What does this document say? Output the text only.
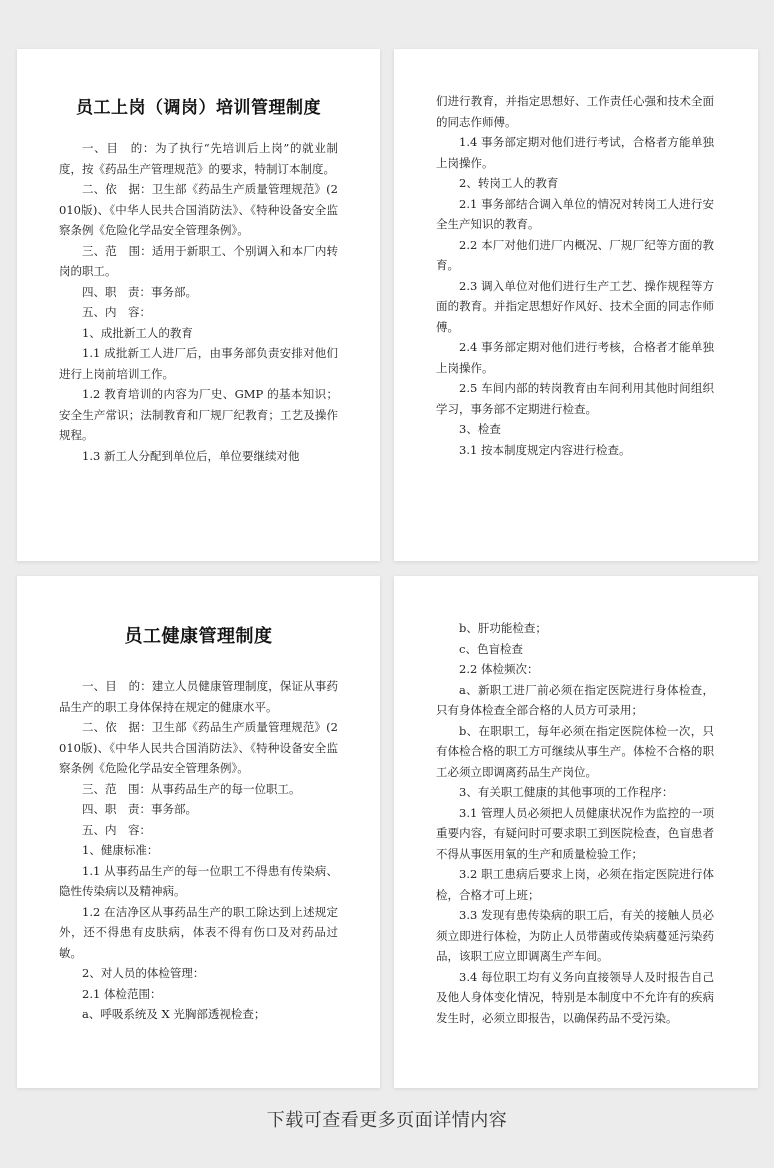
员工上岗（调岗）培训管理制度

一、目　的：为了执行“先培训后上岗”的就业制度，按《药品生产管理规范》的要求，特制订本制度。

二、依　据：卫生部《药品生产质量管理规范》(2010版)、《中华人民共合国消防法》、《特种设备安全监察条例《危险化学品安全管理条例》。

三、范　围：适用于新职工、个别调入和本厂内转岗的职工。

四、职　责：事务部。

五、内　容：

1、成批新工人的教育

1.1 成批新工人进厂后，由事务部负责安排对他们进行上岗前培训工作。

1.2 教育培训的内容为厂史、GMP 的基本知识；安全生产常识；法制教育和厂规厂纪教育；工艺及操作规程。

1.3 新工人分配到单位后，单位要继续对他

们进行教育，并指定思想好、工作责任心强和技术全面的同志作师傅。

1.4 事务部定期对他们进行考试，合格者方能单独上岗操作。

2、转岗工人的教育

2.1 事务部结合调入单位的情况对转岗工人进行安全生产知识的教育。

2.2 本厂对他们进厂内概况、厂规厂纪等方面的教育。

2.3 调入单位对他们进行生产工艺、操作规程等方面的教育。并指定思想好作风好、技术全面的同志作师傅。

2.4 事务部定期对他们进行考核，合格者才能单独上岗操作。

2.5 车间内部的转岗教育由车间利用其他时间组织学习，事务部不定期进行检查。

3、检查

3.1 按本制度规定内容进行检查。

员工健康管理制度

一、目　的：建立人员健康管理制度，保证从事药品生产的职工身体保持在规定的健康水平。

二、依　据：卫生部《药品生产质量管理规范》(2010版)、《中华人民共合国消防法》、《特种设备安全监察条例《危险化学品安全管理条例》。

三、范　围：从事药品生产的每一位职工。

四、职　责：事务部。

五、内　容：

1、健康标准：

1.1 从事药品生产的每一位职工不得患有传染病、隐性传染病以及精神病。

1.2 在洁净区从事药品生产的职工除达到上述规定外，还不得患有皮肤病，体表不得有伤口及对药品过敏。

2、对人员的体检管理：

2.1 体检范围：

a、呼吸系统及 X 光胸部透视检查；

b、肝功能检查；

c、色盲检查

2.2 体检频次：

a、新职工进厂前必须在指定医院进行身体检查，只有身体检查全部合格的人员方可录用；

b、在职职工，每年必须在指定医院体检一次，只有体检合格的职工方可继续从事生产。体检不合格的职工必须立即调离药品生产岗位。

3、有关职工健康的其他事项的工作程序：

3.1 管理人员必须把人员健康状况作为监控的一项重要内容，有疑问时可要求职工到医院检查，色盲患者不得从事医用氧的生产和质量检验工作；

3.2 职工患病后要求上岗，必须在指定医院进行体检，合格才可上班；

3.3 发现有患传染病的职工后，有关的接触人员必须立即进行体检，为防止人员带菌或传染病蔓延污染药品，该职工应立即调离生产车间。

3.4 每位职工均有义务向直接领导人及时报告自己及他人身体变化情况，特别是本制度中不允许有的疾病发生时，必须立即报告，以确保药品不受污染。

下载可查看更多页面详情内容
